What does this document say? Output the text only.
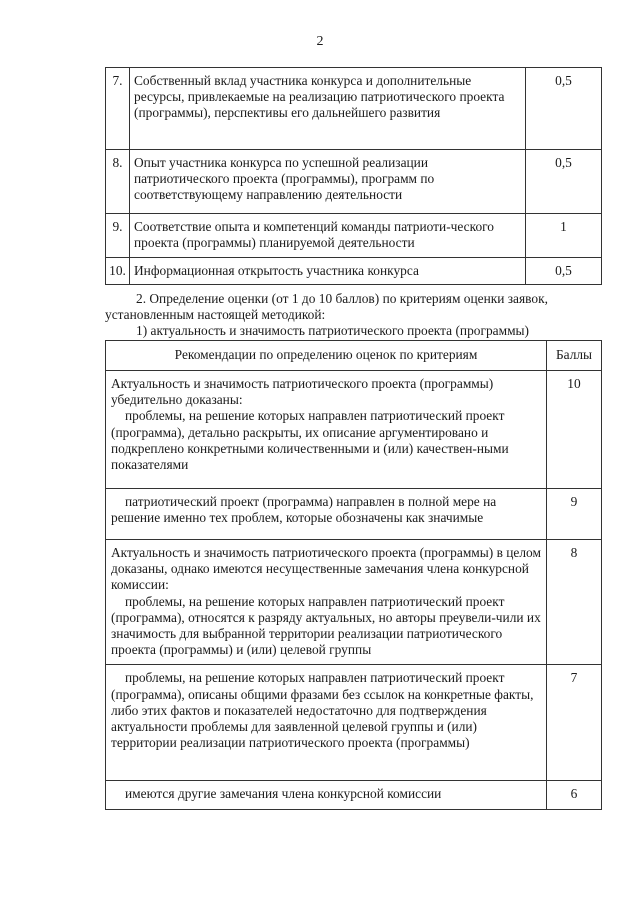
2
7.	Собственный вклад участника конкурса и дополнительные ресурсы, привлекаемые на реализацию патриотического проекта (программы), перспективы его дальнейшего развития	0,5
8.	Опыт участника конкурса по успешной реализации патриотического проекта (программы), программ по соответствующему направлению деятельности	0,5
9.	Соответствие опыта и компетенций команды патриоти-ческого проекта (программы) планируемой деятельности	1
10.	Информационная открытость участника конкурса	0,5
2. Определение оценки (от 1 до 10 баллов) по критериям оценки заявок, установленным настоящей методикой:
1) актуальность и значимость патриотического проекта (программы)
Рекомендации по определению оценок по критериям	Баллы

Актуальность и значимость патриотического проекта (программы) убедительно доказаны:

проблемы, на решение которых направлен патриотический проект (программа), детально раскрыты, их описание аргументировано и подкреплено конкретными количественными и (или) качествен-ными показателями	10

патриотический проект (программа) направлен в полной мере на решение именно тех проблем, которые обозначены как значимые	9

Актуальность и значимость патриотического проекта (программы) в целом доказаны, однако имеются несущественные замечания члена конкурсной комиссии:

проблемы, на решение которых направлен патриотический проект (программа), относятся к разряду актуальных, но авторы преувели-чили их значимость для выбранной территории реализации патриотического проекта (программы) и (или) целевой группы	8

проблемы, на решение которых направлен патриотический проект (программа), описаны общими фразами без ссылок на конкретные факты, либо этих фактов и показателей недостаточно для подтверждения актуальности проблемы для заявленной целевой группы и (или) территории реализации патриотического проекта (программы)	7

имеются другие замечания члена конкурсной комиссии	6
